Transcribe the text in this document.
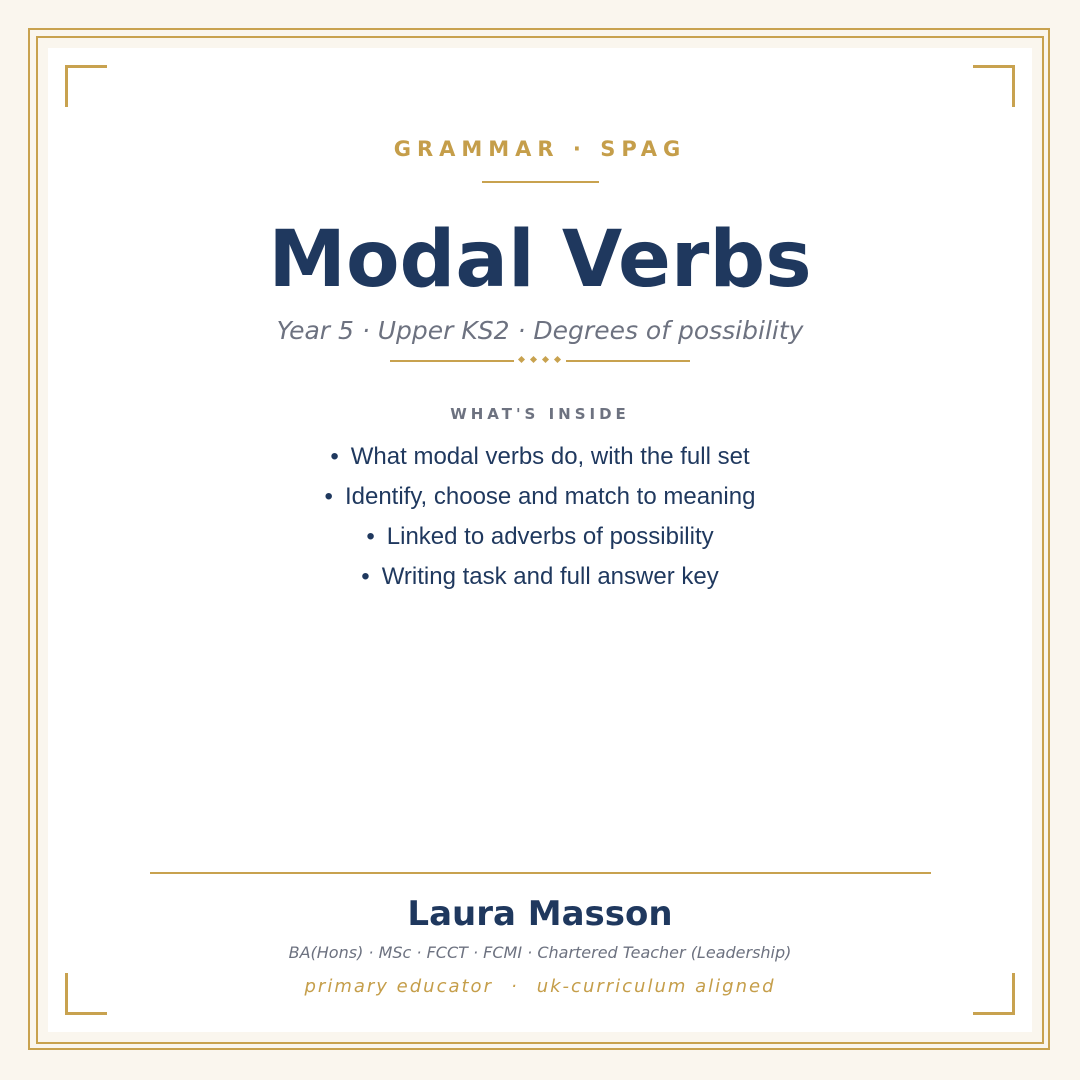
GRAMMAR · SPAG
Modal Verbs
Year 5 · Upper KS2 · Degrees of possibility
WHAT'S INSIDE
• What modal verbs do, with the full set
• Identify, choose and match to meaning
• Linked to adverbs of possibility
• Writing task and full answer key
Laura Masson
BA(Hons) · MSc · FCCT · FCMI · Chartered Teacher (Leadership)
primary educator · uk-curriculum aligned
